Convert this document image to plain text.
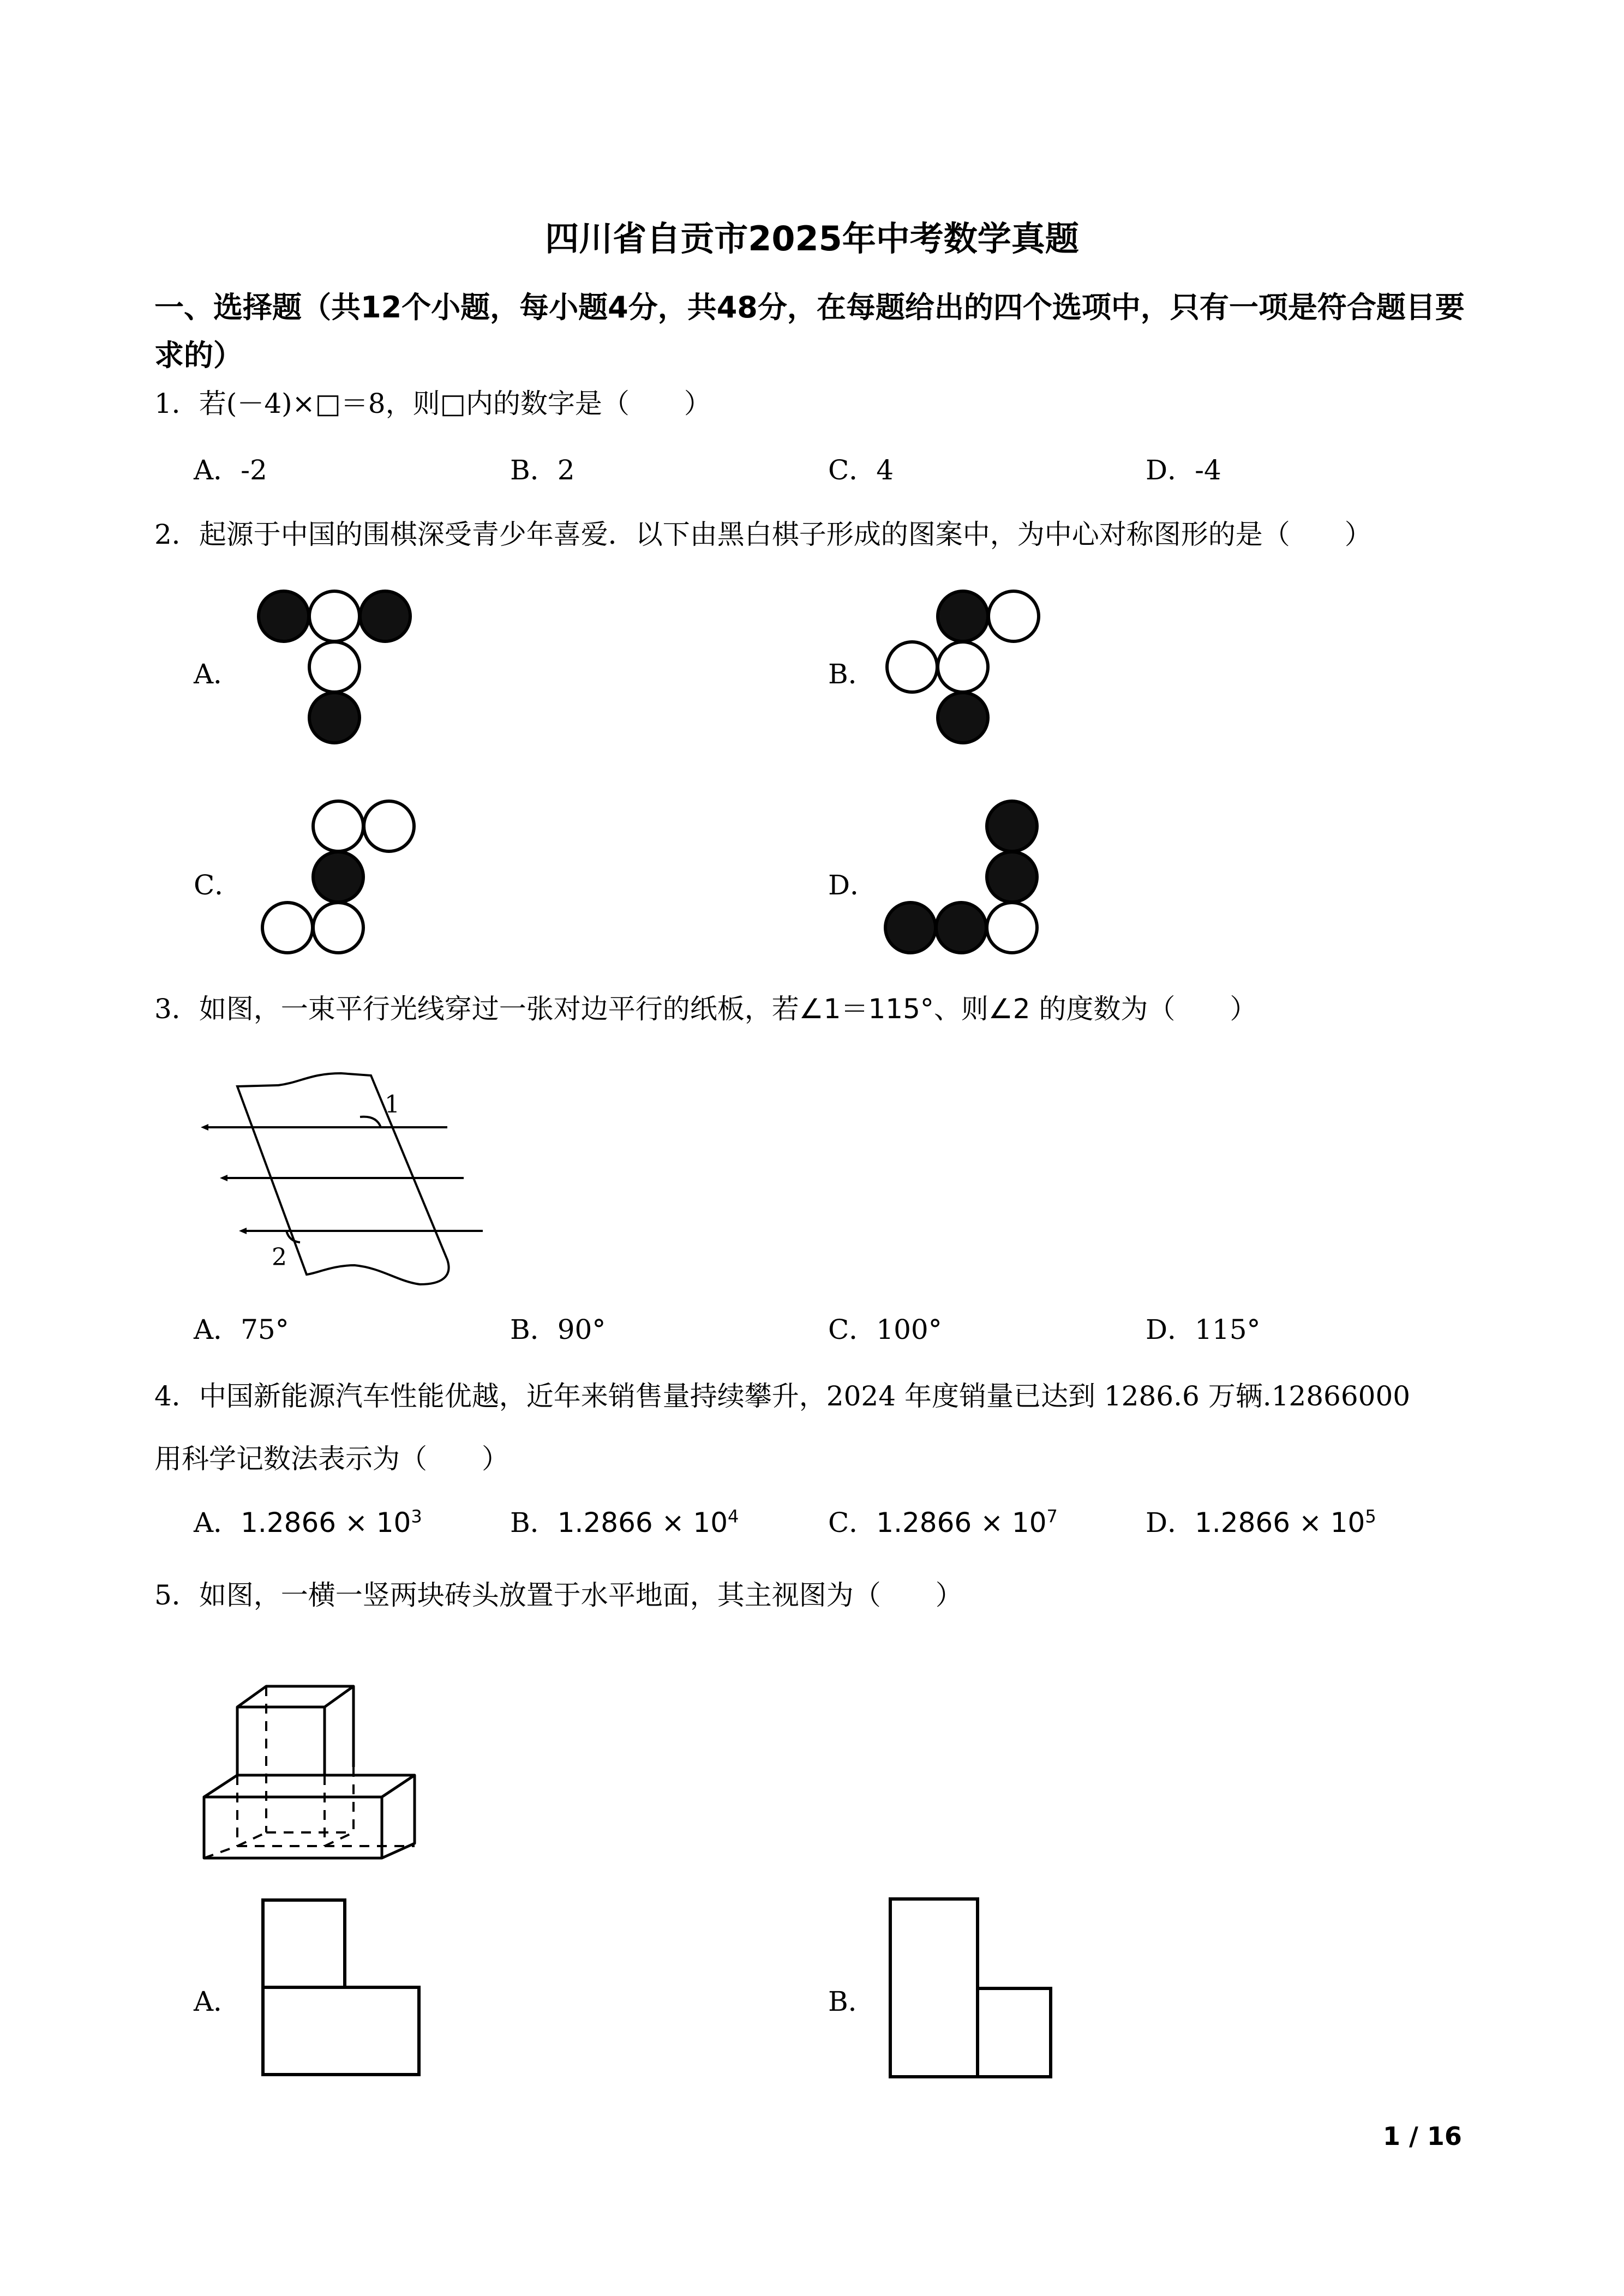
四川省自贡市2025年中考数学真题
一、选择题（共12个小题，每小题4分，共48分，在每题给出的四个选项中，只有一项是符合题目要求的）
1．若(－4)×□＝8，则□内的数字是（　　）
A．-2	B．2	C．4	D．-4
2．起源于中国的围棋深受青少年喜爱．以下由黑白棋子形成的图案中，为中心对称图形的是（　　）
A．	B．
C．	D．
3．如图，一束平行光线穿过一张对边平行的纸板，若∠1＝115°、则∠2 的度数为（　　）
1
2
A．75°	B．90°	C．100°	D．115°
4．中国新能源汽车性能优越，近年来销售量持续攀升，2024 年度销量已达到 1286.6 万辆.12866000
用科学记数法表示为（　　）
A．$1.2866 \times 10^3$	B．$1.2866 \times 10^4$	C．$1.2866 \times 10^7$	D．$1.2866 \times 10^5$
5．如图，一横一竖两块砖头放置于水平地面，其主视图为（　　）
A．	B．
1 / 16
